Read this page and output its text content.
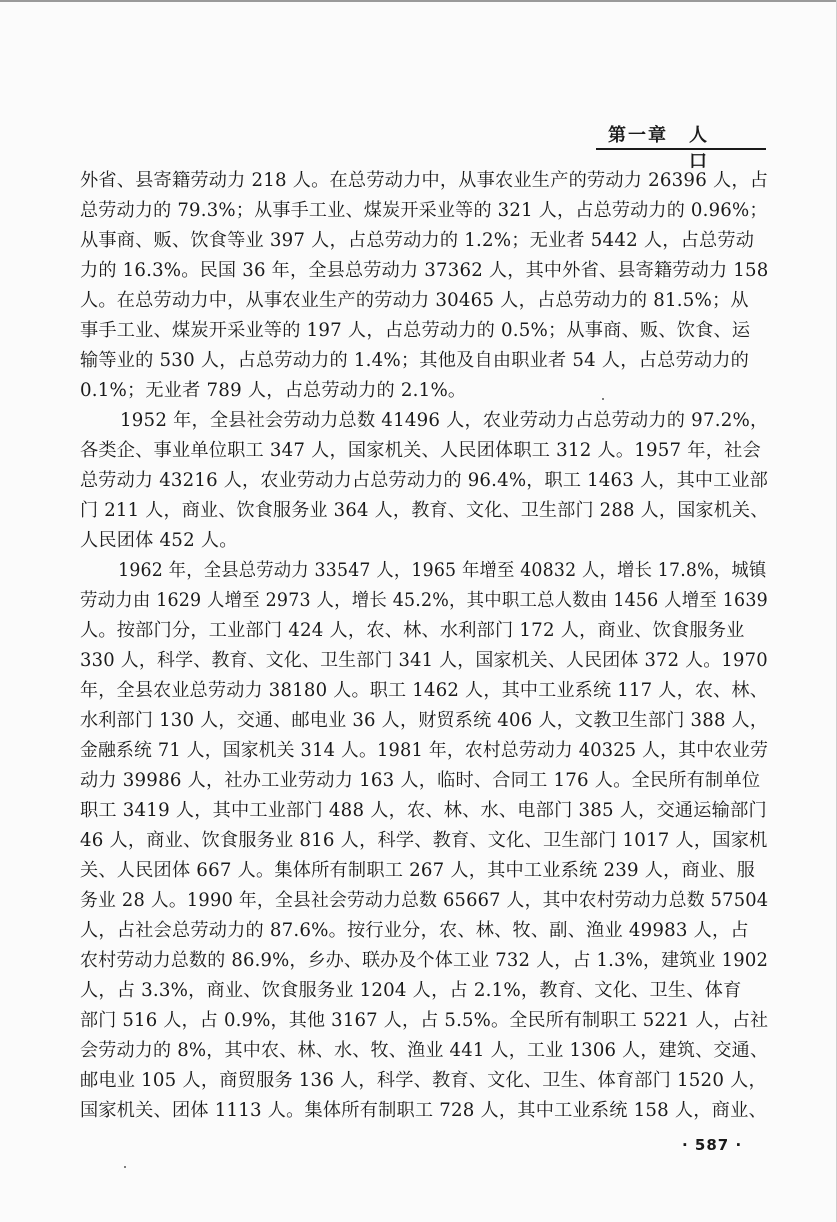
第一章 人口

外省、县寄籍劳动力 218 人。在总劳动力中，从事农业生产的劳动力 26396 人，占
总劳动力的 79.3%；从事手工业、煤炭开采业等的 321 人，占总劳动力的 0.96%；
从事商、贩、饮食等业 397 人，占总劳动力的 1.2%；无业者 5442 人，占总劳动
力的 16.3%。民国 36 年，全县总劳动力 37362 人，其中外省、县寄籍劳动力 158
人。在总劳动力中，从事农业生产的劳动力 30465 人，占总劳动力的 81.5%；从
事手工业、煤炭开采业等的 197 人，占总劳动力的 0.5%；从事商、贩、饮食、运
输等业的 530 人，占总劳动力的 1.4%；其他及自由职业者 54 人，占总劳动力的
0.1%；无业者 789 人，占总劳动力的 2.1%。

1952 年，全县社会劳动力总数 41496 人，农业劳动力占总劳动力的 97.2%，
各类企、事业单位职工 347 人，国家机关、人民团体职工 312 人。1957 年，社会
总劳动力 43216 人，农业劳动力占总劳动力的 96.4%，职工 1463 人，其中工业部
门 211 人，商业、饮食服务业 364 人，教育、文化、卫生部门 288 人，国家机关、
人民团体 452 人。

1962 年，全县总劳动力 33547 人，1965 年增至 40832 人，增长 17.8%，城镇
劳动力由 1629 人增至 2973 人，增长 45.2%，其中职工总人数由 1456 人增至 1639
人。按部门分，工业部门 424 人，农、林、水利部门 172 人，商业、饮食服务业
330 人，科学、教育、文化、卫生部门 341 人，国家机关、人民团体 372 人。1970
年，全县农业总劳动力 38180 人。职工 1462 人，其中工业系统 117 人，农、林、
水利部门 130 人，交通、邮电业 36 人，财贸系统 406 人，文教卫生部门 388 人，
金融系统 71 人，国家机关 314 人。1981 年，农村总劳动力 40325 人，其中农业劳
动力 39986 人，社办工业劳动力 163 人，临时、合同工 176 人。全民所有制单位
职工 3419 人，其中工业部门 488 人，农、林、水、电部门 385 人，交通运输部门
46 人，商业、饮食服务业 816 人，科学、教育、文化、卫生部门 1017 人，国家机
关、人民团体 667 人。集体所有制职工 267 人，其中工业系统 239 人，商业、服
务业 28 人。1990 年，全县社会劳动力总数 65667 人，其中农村劳动力总数 57504
人，占社会总劳动力的 87.6%。按行业分，农、林、牧、副、渔业 49983 人，占
农村劳动力总数的 86.9%，乡办、联办及个体工业 732 人，占 1.3%，建筑业 1902
人，占 3.3%，商业、饮食服务业 1204 人，占 2.1%，教育、文化、卫生、体育
部门 516 人，占 0.9%，其他 3167 人，占 5.5%。全民所有制职工 5221 人，占社
会劳动力的 8%，其中农、林、水、牧、渔业 441 人，工业 1306 人，建筑、交通、
邮电业 105 人，商贸服务 136 人，科学、教育、文化、卫生、体育部门 1520 人，
国家机关、团体 1113 人。集体所有制职工 728 人，其中工业系统 158 人，商业、

· 587 ·
